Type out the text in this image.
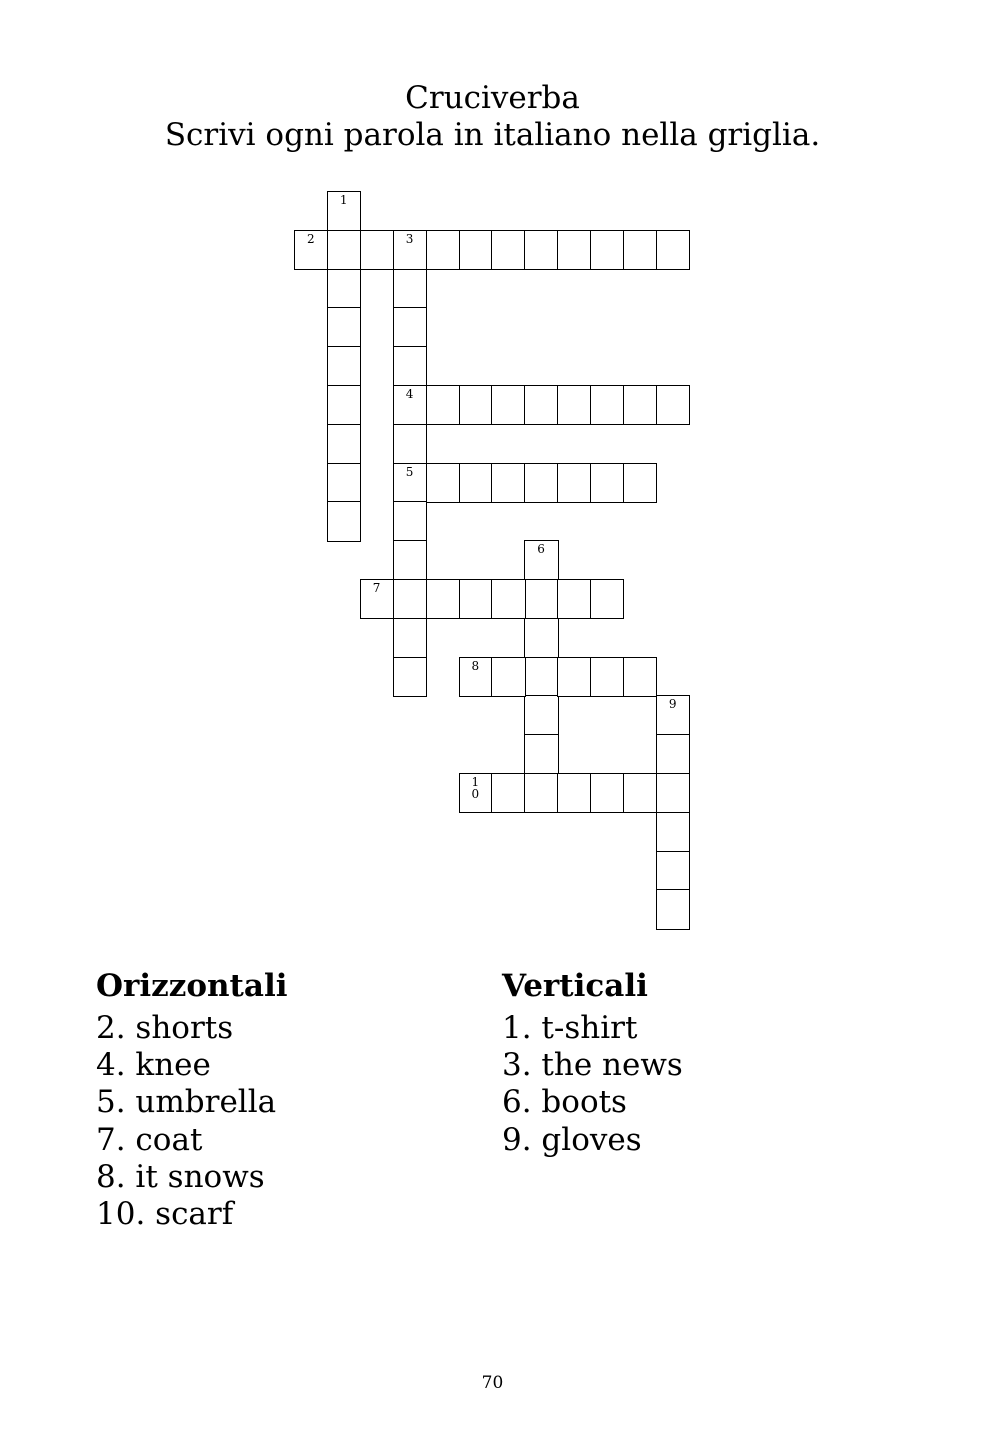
Cruciverba
Scrivi ogni parola in italiano nella griglia.
1
2	3
4
5
6
7
8
9
10
Orizzontali
2. shorts
4. knee
5. umbrella
7. coat
8. it snows
10. scarf
Verticali
1. t-shirt
3. the news
6. boots
9. gloves
70
